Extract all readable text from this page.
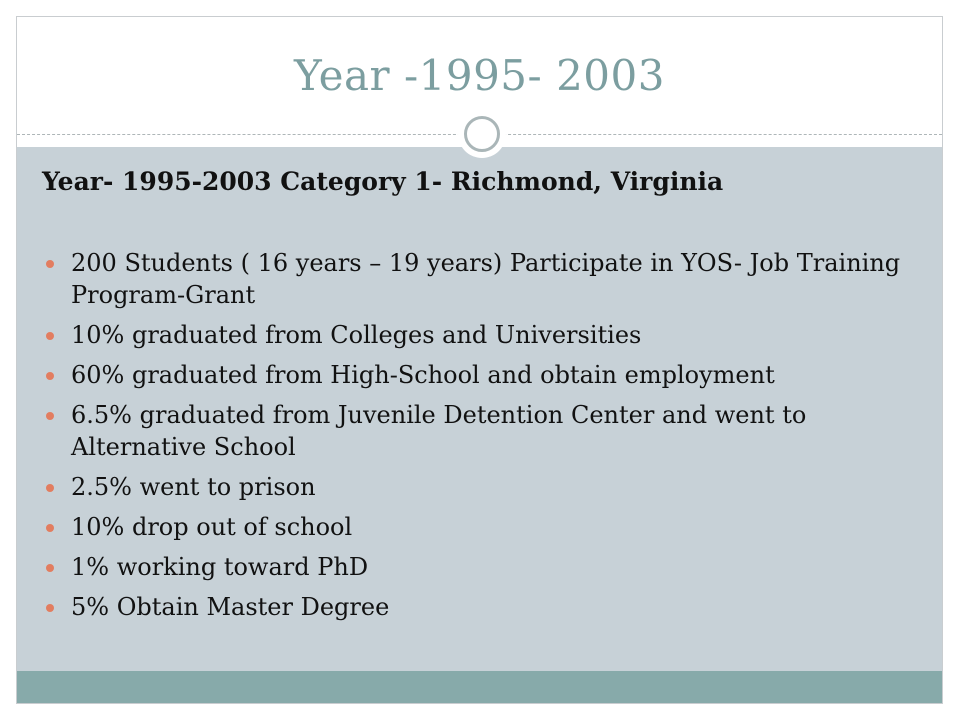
Year -1995- 2003
Year- 1995-2003 Category 1- Richmond, Virginia
200 Students ( 16 years – 19 years) Participate in YOS- Job Training Program-Grant
10% graduated from Colleges and Universities
60% graduated from High-School and obtain employment
6.5% graduated from Juvenile Detention Center and went to Alternative School
2.5% went to prison
10% drop out of school
1% working toward PhD
5% Obtain Master Degree
